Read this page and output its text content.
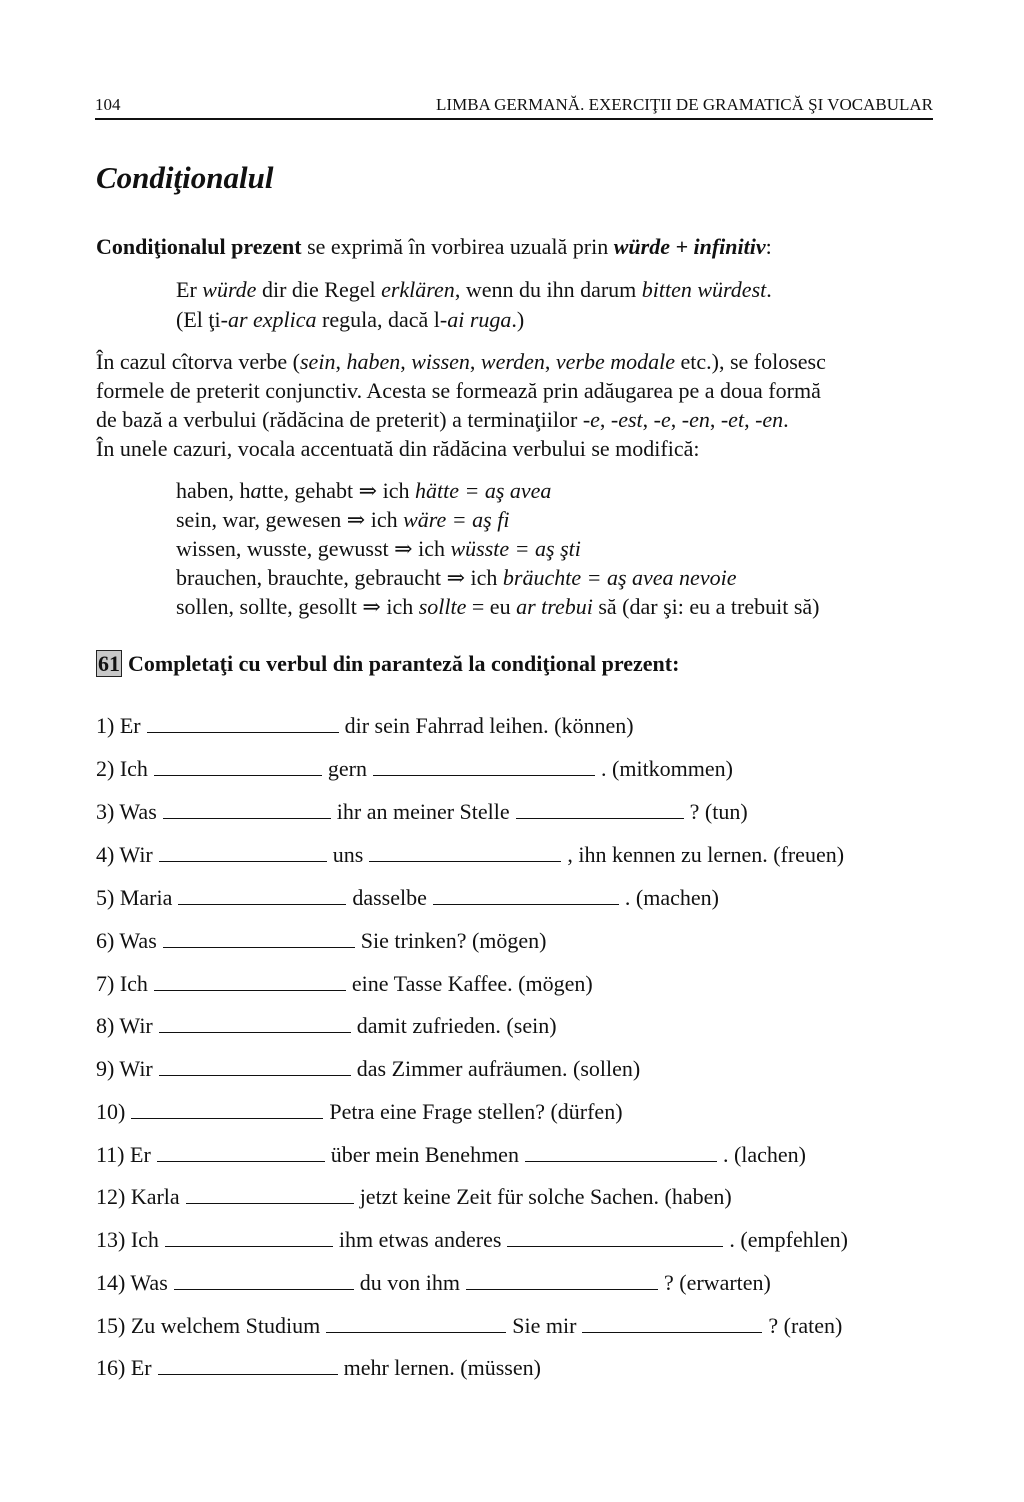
104	LIMBA GERMANĂ. EXERCIŢII DE GRAMATICĂ ŞI VOCABULAR
Condiţionalul
Condiţionalul prezent se exprimă în vorbirea uzuală prin würde + infinitiv:
Er würde dir die Regel erklären, wenn du ihn darum bitten würdest.
(El ţi-ar explica regula, dacă l-ai ruga.)
În cazul cîtorva verbe (sein, haben, wissen, werden, verbe modale etc.), se folosesc
formele de preterit conjunctiv. Acesta se formează prin adăugarea pe a doua formă
de bază a verbului (rădăcina de preterit) a terminaţiilor -e, -est, -e, -en, -et, -en.
În unele cazuri, vocala accentuată din rădăcina verbului se modifică:
haben, hatte, gehabt ⇒ ich hätte = aş avea
sein, war, gewesen ⇒ ich wäre = aş fi
wissen, wusste, gewusst ⇒ ich wüsste = aş şti
brauchen, brauchte, gebraucht ⇒ ich bräuchte = aş avea nevoie
sollen, sollte, gesollt ⇒ ich sollte = eu ar trebui să (dar şi: eu a trebuit să)
61 Completaţi cu verbul din paranteză la condiţional prezent:
1) Er	dir sein Fahrrad leihen. (können)
2) Ich	gern	. (mitkommen)
3) Was	ihr an meiner Stelle	? (tun)
4) Wir	uns	, ihn kennen zu lernen. (freuen)
5) Maria	dasselbe	. (machen)
6) Was	Sie trinken? (mögen)
7) Ich	eine Tasse Kaffee. (mögen)
8) Wir	damit zufrieden. (sein)
9) Wir	das Zimmer aufräumen. (sollen)
10)	Petra eine Frage stellen? (dürfen)
11) Er	über mein Benehmen	. (lachen)
12) Karla	jetzt keine Zeit für solche Sachen. (haben)
13) Ich	ihm etwas anderes	. (empfehlen)
14) Was	du von ihm	? (erwarten)
15) Zu welchem Studium	Sie mir	? (raten)
16) Er	mehr lernen. (müssen)
